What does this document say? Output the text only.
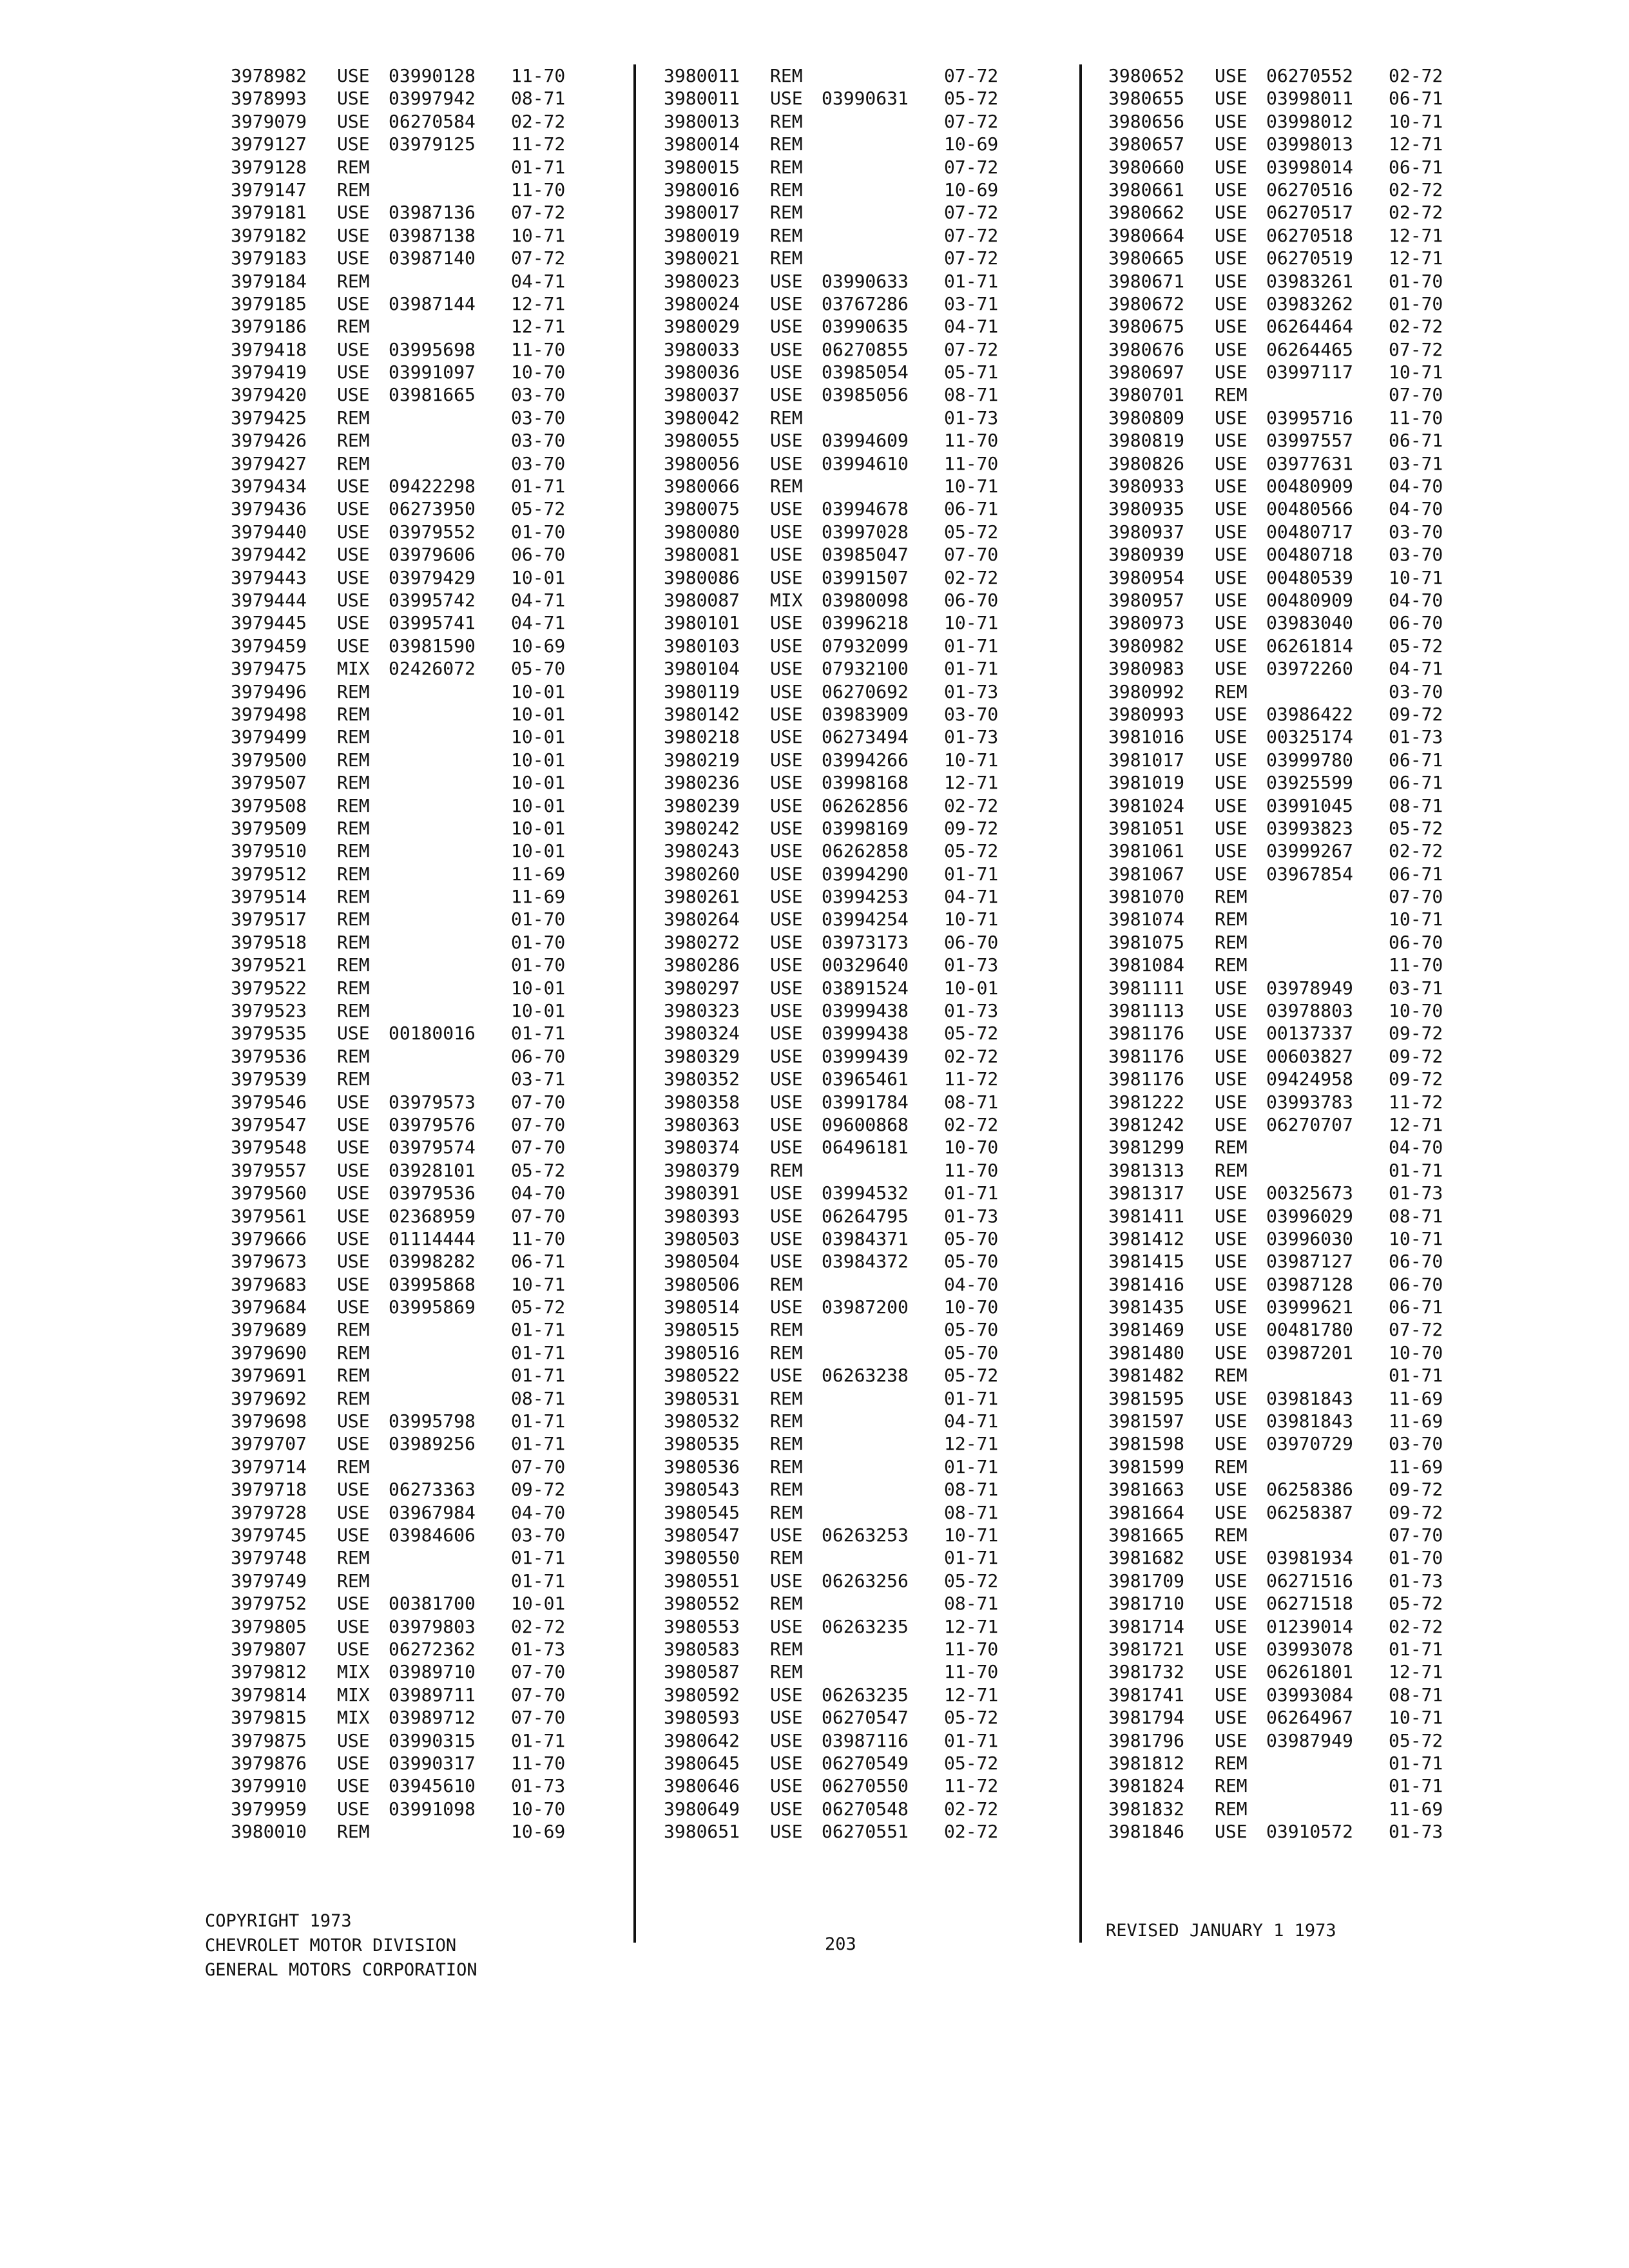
3978982 USE 03990128 11-70
3978993 USE 03997942 08-71
3979079 USE 06270584 02-72
3979127 USE 03979125 11-72
3979128 REM	01-71
3979147 REM	11-70
3979181 USE 03987136 07-72
3979182 USE 03987138 10-71
3979183 USE 03987140 07-72
3979184 REM	04-71
3979185 USE 03987144 12-71
3979186 REM	12-71
3979418 USE 03995698 11-70
3979419 USE 03991097 10-70
3979420 USE 03981665 03-70
3979425 REM	03-70
3979426 REM	03-70
3979427 REM	03-70
3979434 USE 09422298 01-71
3979436 USE 06273950 05-72
3979440 USE 03979552 01-70
3979442 USE 03979606 06-70
3979443 USE 03979429 10-01
3979444 USE 03995742 04-71
3979445 USE 03995741 04-71
3979459 USE 03981590 10-69
3979475 MIX 02426072 05-70
3979496 REM	10-01
3979498 REM	10-01
3979499 REM	10-01
3979500 REM	10-01
3979507 REM	10-01
3979508 REM	10-01
3979509 REM	10-01
3979510 REM	10-01
3979512 REM	11-69
3979514 REM	11-69
3979517 REM	01-70
3979518 REM	01-70
3979521 REM	01-70
3979522 REM	10-01
3979523 REM	10-01
3979535 USE 00180016 01-71
3979536 REM	06-70
3979539 REM	03-71
3979546 USE 03979573 07-70
3979547 USE 03979576 07-70
3979548 USE 03979574 07-70
3979557 USE 03928101 05-72
3979560 USE 03979536 04-70
3979561 USE 02368959 07-70
3979666 USE 01114444 11-70
3979673 USE 03998282 06-71
3979683 USE 03995868 10-71
3979684 USE 03995869 05-72
3979689 REM	01-71
3979690 REM	01-71
3979691 REM	01-71
3979692 REM	08-71
3979698 USE 03995798 01-71
3979707 USE 03989256 01-71
3979714 REM	07-70
3979718 USE 06273363 09-72
3979728 USE 03967984 04-70
3979745 USE 03984606 03-70
3979748 REM	01-71
3979749 REM	01-71
3979752 USE 00381700 10-01
3979805 USE 03979803 02-72
3979807 USE 06272362 01-73
3979812 MIX 03989710 07-70
3979814 MIX 03989711 07-70
3979815 MIX 03989712 07-70
3979875 USE 03990315 01-71
3979876 USE 03990317 11-70
3979910 USE 03945610 01-73
3979959 USE 03991098 10-70
3980010 REM	10-69
3980011 REM	07-72
3980011 USE 03990631 05-72
3980013 REM	07-72
3980014 REM	10-69
3980015 REM	07-72
3980016 REM	10-69
3980017 REM	07-72
3980019 REM	07-72
3980021 REM	07-72
3980023 USE 03990633 01-71
3980024 USE 03767286 03-71
3980029 USE 03990635 04-71
3980033 USE 06270855 07-72
3980036 USE 03985054 05-71
3980037 USE 03985056 08-71
3980042 REM	01-73
3980055 USE 03994609 11-70
3980056 USE 03994610 11-70
3980066 REM	10-71
3980075 USE 03994678 06-71
3980080 USE 03997028 05-72
3980081 USE 03985047 07-70
3980086 USE 03991507 02-72
3980087 MIX 03980098 06-70
3980101 USE 03996218 10-71
3980103 USE 07932099 01-71
3980104 USE 07932100 01-71
3980119 USE 06270692 01-73
3980142 USE 03983909 03-70
3980218 USE 06273494 01-73
3980219 USE 03994266 10-71
3980236 USE 03998168 12-71
3980239 USE 06262856 02-72
3980242 USE 03998169 09-72
3980243 USE 06262858 05-72
3980260 USE 03994290 01-71
3980261 USE 03994253 04-71
3980264 USE 03994254 10-71
3980272 USE 03973173 06-70
3980286 USE 00329640 01-73
3980297 USE 03891524 10-01
3980323 USE 03999438 01-73
3980324 USE 03999438 05-72
3980329 USE 03999439 02-72
3980352 USE 03965461 11-72
3980358 USE 03991784 08-71
3980363 USE 09600868 02-72
3980374 USE 06496181 10-70
3980379 REM	11-70
3980391 USE 03994532 01-71
3980393 USE 06264795 01-73
3980503 USE 03984371 05-70
3980504 USE 03984372 05-70
3980506 REM	04-70
3980514 USE 03987200 10-70
3980515 REM	05-70
3980516 REM	05-70
3980522 USE 06263238 05-72
3980531 REM	01-71
3980532 REM	04-71
3980535 REM	12-71
3980536 REM	01-71
3980543 REM	08-71
3980545 REM	08-71
3980547 USE 06263253 10-71
3980550 REM	01-71
3980551 USE 06263256 05-72
3980552 REM	08-71
3980553 USE 06263235 12-71
3980583 REM	11-70
3980587 REM	11-70
3980592 USE 06263235 12-71
3980593 USE 06270547 05-72
3980642 USE 03987116 01-71
3980645 USE 06270549 05-72
3980646 USE 06270550 11-72
3980649 USE 06270548 02-72
3980651 USE 06270551 02-72
3980652 USE 06270552 02-72
3980655 USE 03998011 06-71
3980656 USE 03998012 10-71
3980657 USE 03998013 12-71
3980660 USE 03998014 06-71
3980661 USE 06270516 02-72
3980662 USE 06270517 02-72
3980664 USE 06270518 12-71
3980665 USE 06270519 12-71
3980671 USE 03983261 01-70
3980672 USE 03983262 01-70
3980675 USE 06264464 02-72
3980676 USE 06264465 07-72
3980697 USE 03997117 10-71
3980701 REM	07-70
3980809 USE 03995716 11-70
3980819 USE 03997557 06-71
3980826 USE 03977631 03-71
3980933 USE 00480909 04-70
3980935 USE 00480566 04-70
3980937 USE 00480717 03-70
3980939 USE 00480718 03-70
3980954 USE 00480539 10-71
3980957 USE 00480909 04-70
3980973 USE 03983040 06-70
3980982 USE 06261814 05-72
3980983 USE 03972260 04-71
3980992 REM	03-70
3980993 USE 03986422 09-72
3981016 USE 00325174 01-73
3981017 USE 03999780 06-71
3981019 USE 03925599 06-71
3981024 USE 03991045 08-71
3981051 USE 03993823 05-72
3981061 USE 03999267 02-72
3981067 USE 03967854 06-71
3981070 REM	07-70
3981074 REM	10-71
3981075 REM	06-70
3981084 REM	11-70
3981111 USE 03978949 03-71
3981113 USE 03978803 10-70
3981176 USE 00137337 09-72
3981176 USE 00603827 09-72
3981176 USE 09424958 09-72
3981222 USE 03993783 11-72
3981242 USE 06270707 12-71
3981299 REM	04-70
3981313 REM	01-71
3981317 USE 00325673 01-73
3981411 USE 03996029 08-71
3981412 USE 03996030 10-71
3981415 USE 03987127 06-70
3981416 USE 03987128 06-70
3981435 USE 03999621 06-71
3981469 USE 00481780 07-72
3981480 USE 03987201 10-70
3981482 REM	01-71
3981595 USE 03981843 11-69
3981597 USE 03981843 11-69
3981598 USE 03970729 03-70
3981599 REM	11-69
3981663 USE 06258386 09-72
3981664 USE 06258387 09-72
3981665 REM	07-70
3981682 USE 03981934 01-70
3981709 USE 06271516 01-73
3981710 USE 06271518 05-72
3981714 USE 01239014 02-72
3981721 USE 03993078 01-71
3981732 USE 06261801 12-71
3981741 USE 03993084 08-71
3981794 USE 06264967 10-71
3981796 USE 03987949 05-72
3981812 REM	01-71
3981824 REM	01-71
3981832 REM	11-69
3981846 USE 03910572 01-73
COPYRIGHT 1973
CHEVROLET MOTOR DIVISION
GENERAL MOTORS CORPORATION
203
REVISED JANUARY 1 1973
